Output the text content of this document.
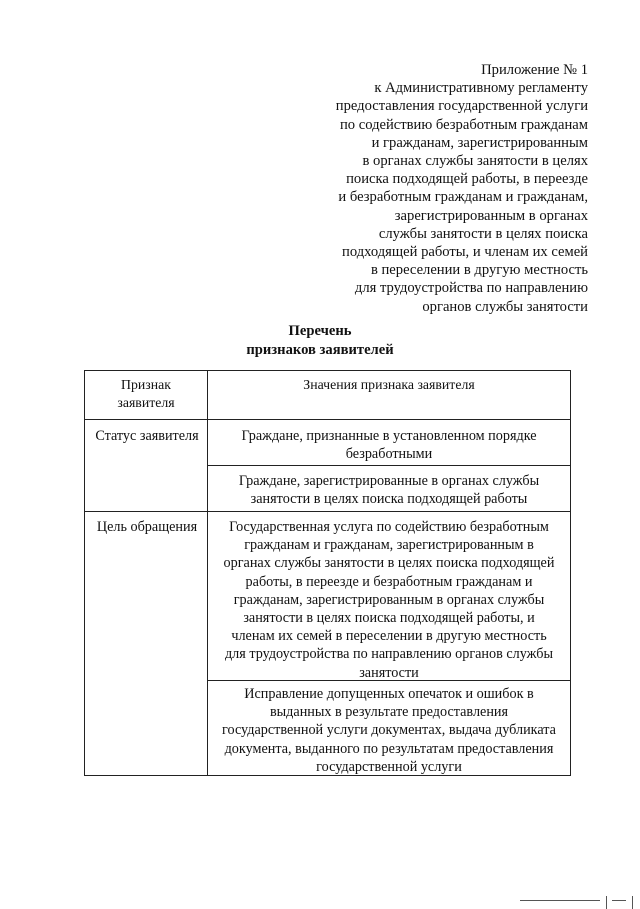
Приложение № 1
к Административному регламенту
предоставления государственной услуги
по содействию безработным гражданам
и гражданам, зарегистрированным
в органах службы занятости в целях
поиска подходящей работы, в переезде
и безработным гражданам и гражданам,
зарегистрированным в органах
службы занятости в целях поиска
подходящей работы, и членам их семей
в переселении в другую местность
для трудоустройства по направлению
органов службы занятости
Перечень
признаков заявителей
Признак
заявителя
Значения признака заявителя
Статус заявителя	Граждане, признанные в установленном порядке
безработными
Граждане, зарегистрированные в органах службы
занятости в целях поиска подходящей работы
Цель обращения	Государственная услуга по содействию безработным
гражданам и гражданам, зарегистрированным в
органах службы занятости в целях поиска подходящей
работы, в переезде и безработным гражданам и
гражданам, зарегистрированным в органах службы
занятости в целях поиска подходящей работы, и
членам их семей в переселении в другую местность
для трудоустройства по направлению органов службы
занятости
Исправление допущенных опечаток и ошибок в
выданных в результате предоставления
государственной услуги документах, выдача дубликата
документа, выданного по результатам предоставления
государственной услуги
